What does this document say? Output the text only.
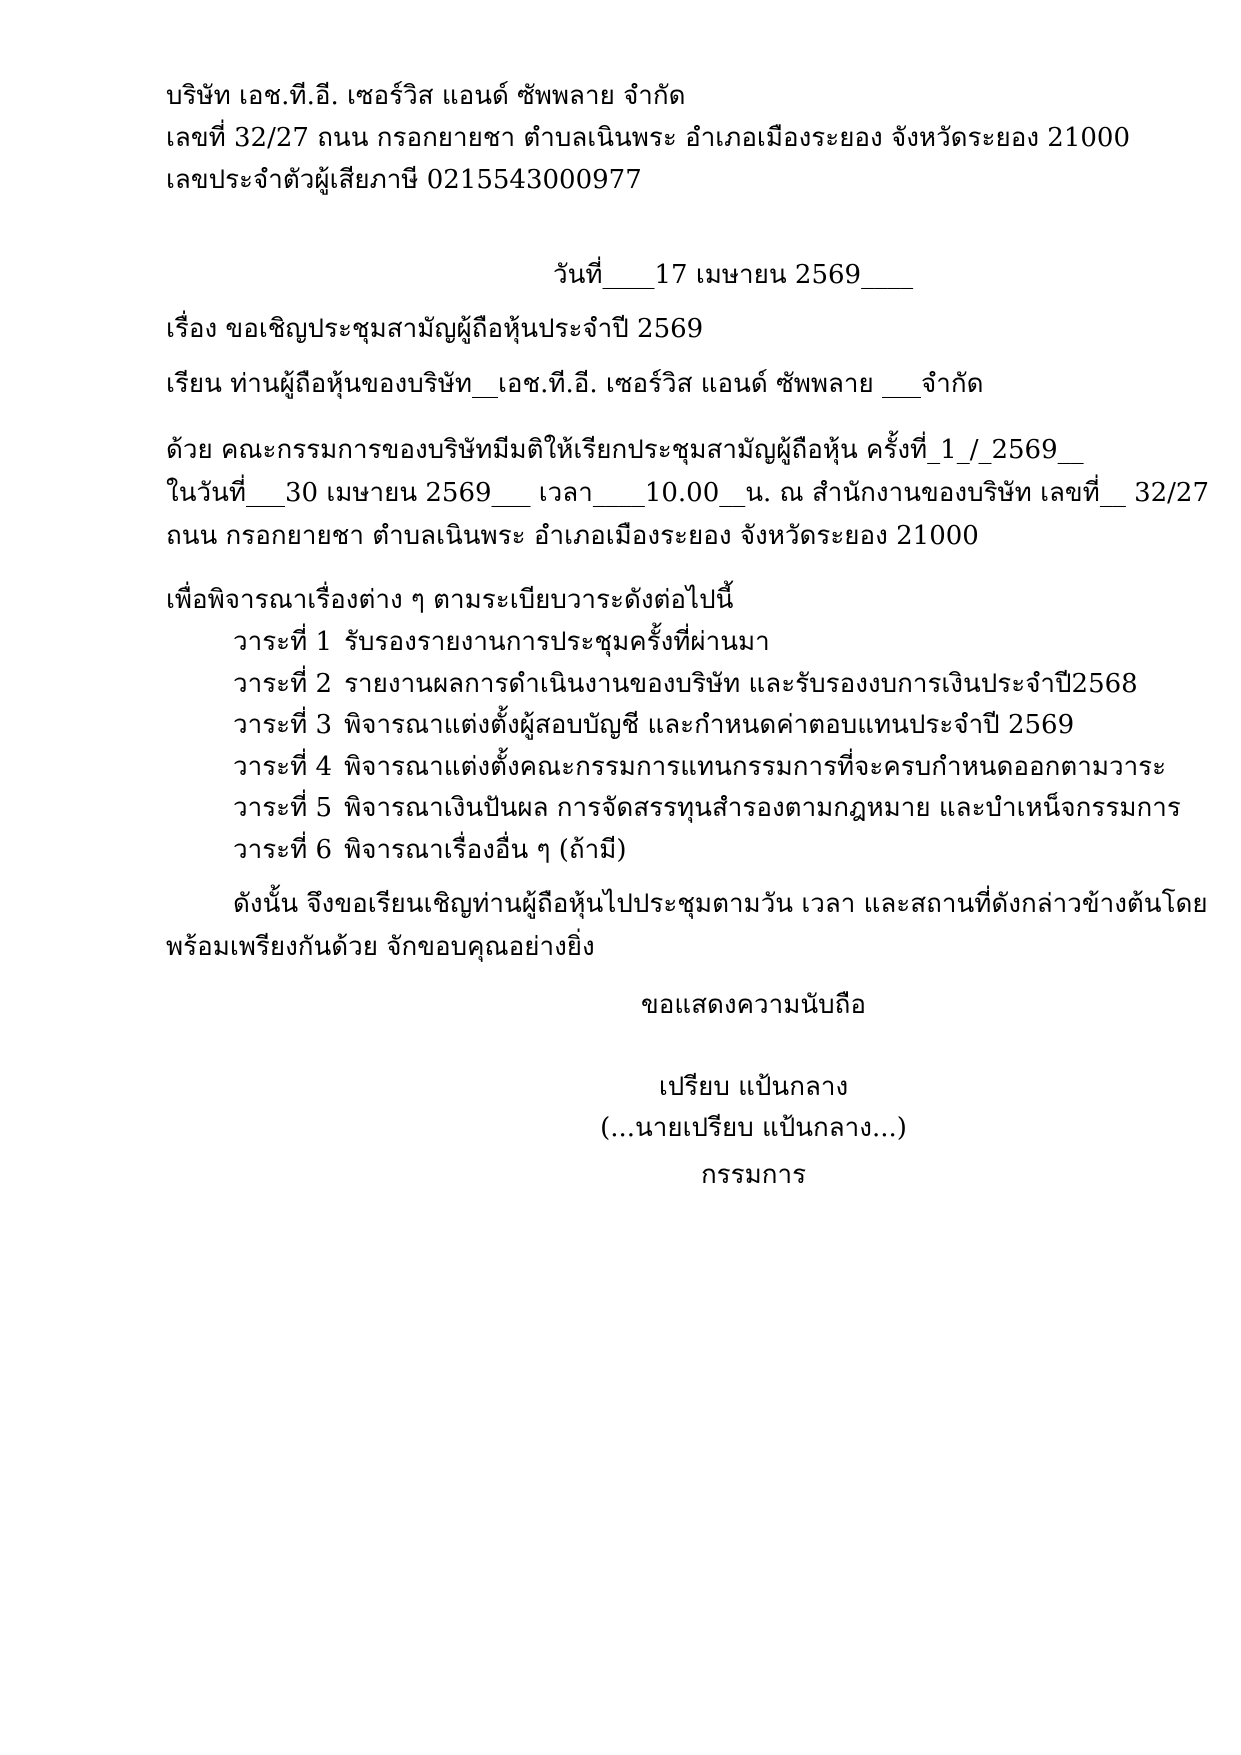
บริษัท เอช.ที.อี. เซอร์วิส แอนด์ ซัพพลาย จำกัด
เลขที่ 32/27 ถนน กรอกยายชา ตำบลเนินพระ อำเภอเมืองระยอง จังหวัดระยอง 21000
เลขประจำตัวผู้เสียภาษี 0215543000977
วันที่____17 เมษายน 2569____
เรื่อง ขอเชิญประชุมสามัญผู้ถือหุ้นประจำปี 2569
เรียน ท่านผู้ถือหุ้นของบริษัท__เอช.ที.อี. เซอร์วิส แอนด์ ซัพพลาย ___จำกัด
ด้วย คณะกรรมการของบริษัทมีมติให้เรียกประชุมสามัญผู้ถือหุ้น ครั้งที่_1_/_2569__
ในวันที่___30 เมษายน 2569___ เวลา____10.00__น. ณ สำนักงานของบริษัท เลขที่__ 32/27
ถนน กรอกยายชา ตำบลเนินพระ อำเภอเมืองระยอง จังหวัดระยอง 21000
เพื่อพิจารณาเรื่องต่าง ๆ ตามระเบียบวาระดังต่อไปนี้
วาระที่ 1 รับรองรายงานการประชุมครั้งที่ผ่านมา
วาระที่ 2 รายงานผลการดำเนินงานของบริษัท และรับรองงบการเงินประจำปี2568
วาระที่ 3 พิจารณาแต่งตั้งผู้สอบบัญชี และกำหนดค่าตอบแทนประจำปี 2569
วาระที่ 4 พิจารณาแต่งตั้งคณะกรรมการแทนกรรมการที่จะครบกำหนดออกตามวาระ
วาระที่ 5 พิจารณาเงินปันผล การจัดสรรทุนสำรองตามกฎหมาย และบำเหน็จกรรมการ
วาระที่ 6 พิจารณาเรื่องอื่น ๆ (ถ้ามี)
ดังนั้น จึงขอเรียนเชิญท่านผู้ถือหุ้นไปประชุมตามวัน เวลา และสถานที่ดังกล่าวข้างต้นโดย
พร้อมเพรียงกันด้วย จักขอบคุณอย่างยิ่ง
ขอแสดงความนับถือ
เปรียบ แป้นกลาง
(...นายเปรียบ แป้นกลาง...)
กรรมการ
